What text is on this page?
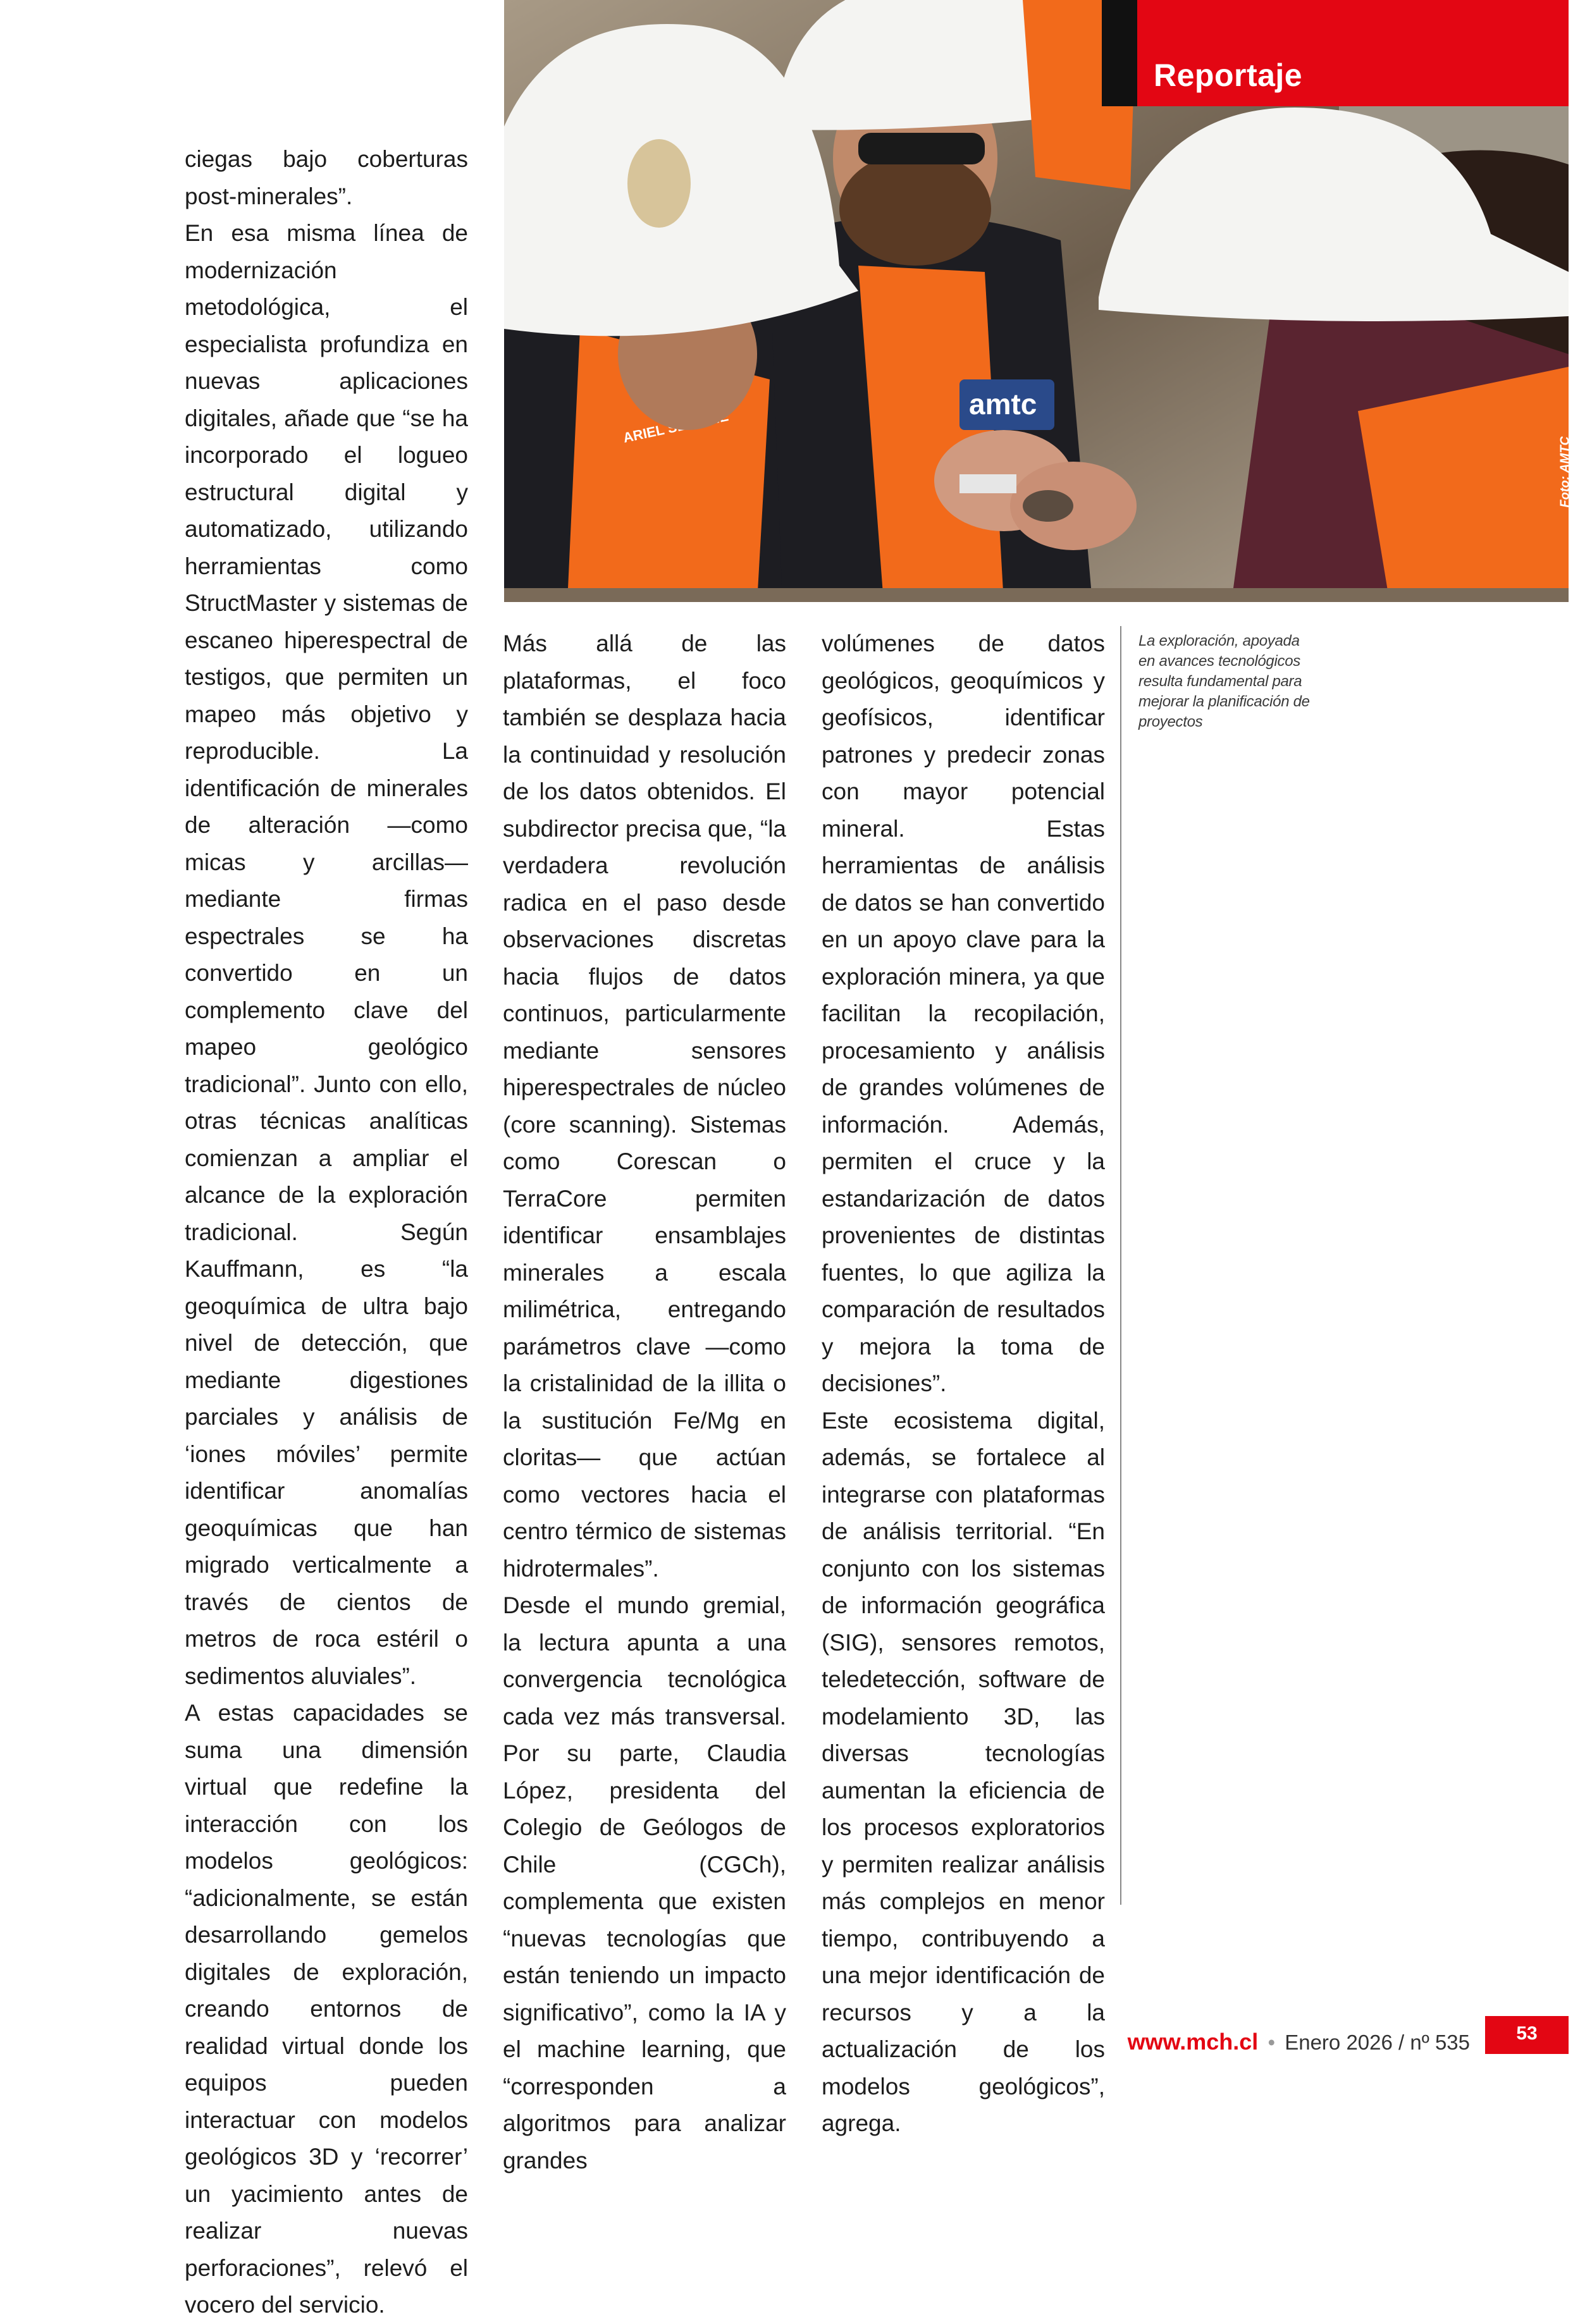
amtc
Foto: AMTC
Reportaje

ciegas bajo coberturas post-minerales”.

En esa misma línea de modernización metodológica, el especialista profundiza en nuevas aplicaciones digitales, añade que “se ha incorporado el logueo estructural digital y automatizado, utilizando herramientas como StructMaster y sistemas de escaneo hiperespectral de testigos, que permiten un mapeo más objetivo y reproducible. La identificación de minerales de alteración —como micas y arcillas— mediante firmas espectrales se ha convertido en un complemento clave del mapeo geológico tradicional”. Junto con ello, otras técnicas analíticas comienzan a ampliar el alcance de la exploración tradicional. Según Kauffmann, es “la geoquímica de ultra bajo nivel de detección, que mediante digestiones parciales y análisis de ‘iones móviles’ permite identificar anomalías geoquímicas que han migrado verticalmente a través de cientos de metros de roca estéril o sedimentos aluviales”.

A estas capacidades se suma una dimensión virtual que redefine la interacción con los modelos geológicos: “adicionalmente, se están desarrollando gemelos digitales de exploración, creando entornos de realidad virtual donde los equipos pueden interactuar con modelos geológicos 3D y ‘recorrer’ un yacimiento antes de realizar nuevas perforaciones”, relevó el vocero del servicio.

Más allá de las plataformas, el foco también se desplaza hacia la continuidad y resolución de los datos obtenidos. El subdirector precisa que, “la verdadera revolución radica en el paso desde observaciones discretas hacia flujos de datos continuos, particularmente mediante sensores hiperespectrales de núcleo (core scanning). Sistemas como Corescan o TerraCore permiten identificar ensamblajes minerales a escala milimétrica, entregando parámetros clave —como la cristalinidad de la illita o la sustitución Fe/Mg en cloritas— que actúan como vectores hacia el centro térmico de sistemas hidrotermales”.

Desde el mundo gremial, la lectura apunta a una convergencia tecnológica cada vez más transversal. Por su parte, Claudia López, presidenta del Colegio de Geólogos de Chile (CGCh), complementa que existen “nuevas tecnologías que están teniendo un impacto significativo”, como la IA y el machine learning, que “corresponden a algoritmos para analizar grandes

volúmenes de datos geológicos, geoquímicos y geofísicos, identificar patrones y predecir zonas con mayor potencial mineral. Estas herramientas de análisis de datos se han convertido en un apoyo clave para la exploración minera, ya que facilitan la recopilación, procesamiento y análisis de grandes volúmenes de información. Además, permiten el cruce y la estandarización de datos provenientes de distintas fuentes, lo que agiliza la comparación de resultados y mejora la toma de decisiones”.

Este ecosistema digital, además, se fortalece al integrarse con plataformas de análisis territorial. “En conjunto con los sistemas de información geográfica (SIG), sensores remotos, teledetección, software de modelamiento 3D, las diversas tecnologías aumentan la eficiencia de los procesos exploratorios y permiten realizar análisis más complejos en menor tiempo, contribuyendo a una mejor identificación de recursos y a la actualización de los modelos geológicos”, agrega.

La exploración, apoyada en avances tecnológicos resulta fundamental para mejorar la planificación de proyectos
www.mch.cl • Enero 2026 / nº 535	53
